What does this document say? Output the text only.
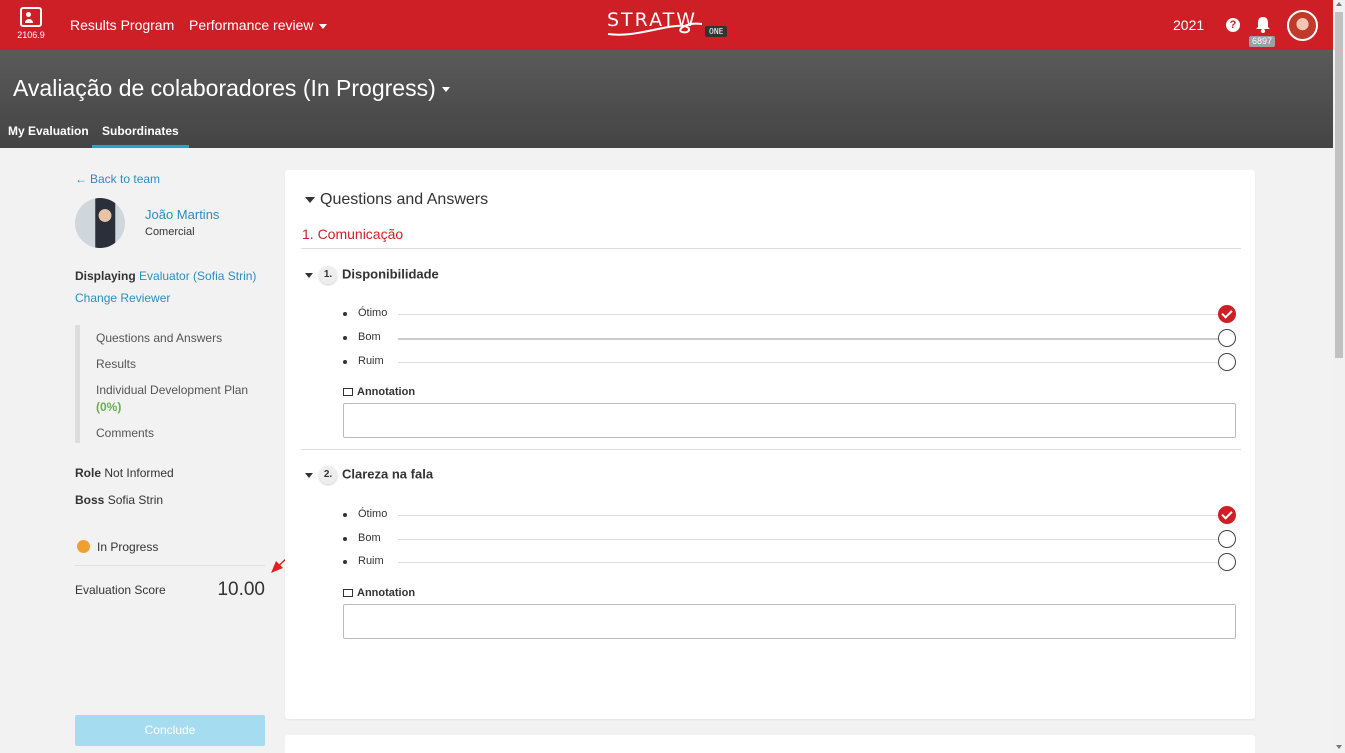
2106.9
Results Program Performance review	STRATW
ONE	2021	?
6897
Avaliação de colaboradores (In Progress)
My Evaluation	Subordinates
← Back to team
João Martins
Comercial
Displaying Evaluator (Sofia Strin)
Change Reviewer
Questions and Answers
Results
Individual Development Plan
(0%)
Comments
Role Not Informed
Boss Sofia Strin
In Progress
Evaluation Score	10.00
Conclude
Questions and Answers
1. Comunicação
1. Disponibilidade
Ótimo
Bom
Ruim
Annotation
2. Clareza na fala
Ótimo
Bom
Ruim
Annotation
